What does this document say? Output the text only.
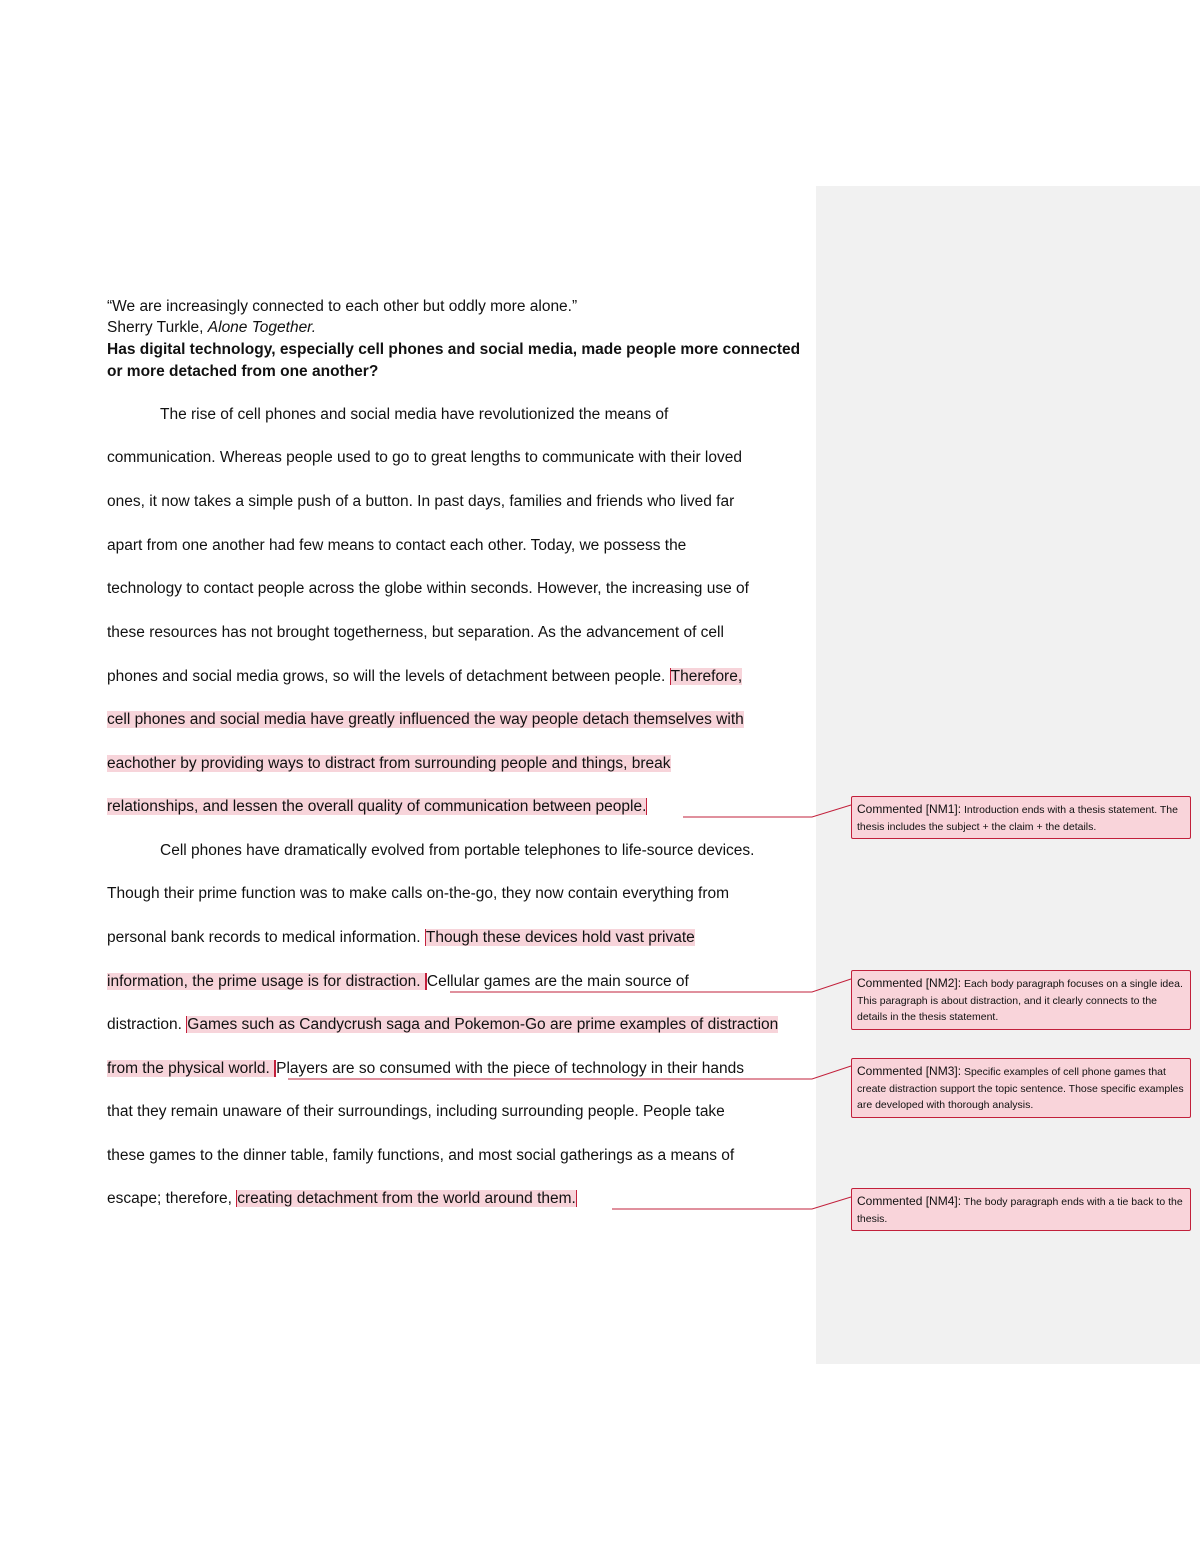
“We are increasingly connected to each other but oddly more alone.”
Sherry Turkle, Alone Together.
Has digital technology, especially cell phones and social media, made people more connected or more detached from one another?
The rise of cell phones and social media have revolutionized the means of
communication. Whereas people used to go to great lengths to communicate with their loved
ones, it now takes a simple push of a button. In past days, families and friends who lived far
apart from one another had few means to contact each other. Today, we possess the
technology to contact people across the globe within seconds. However, the increasing use of
these resources has not brought togetherness, but separation. As the advancement of cell
phones and social media grows, so will the levels of detachment between people. Therefore,
cell phones and social media have greatly influenced the way people detach themselves with
eachother by providing ways to distract from surrounding people and things, break
relationships, and lessen the overall quality of communication between people.
Cell phones have dramatically evolved from portable telephones to life-source devices.
Though their prime function was to make calls on-the-go, they now contain everything from
personal bank records to medical information. Though these devices hold vast private
information, the prime usage is for distraction. Cellular games are the main source of
distraction. Games such as Candycrush saga and Pokemon-Go are prime examples of distraction
from the physical world. Players are so consumed with the piece of technology in their hands
that they remain unaware of their surroundings, including surrounding people. People take
these games to the dinner table, family functions, and most social gatherings as a means of
escape; therefore, creating detachment from the world around them.
Commented [NM1]: Introduction ends with a thesis statement. The thesis includes the subject + the claim + the details.
Commented [NM2]: Each body paragraph focuses on a single idea. This paragraph is about distraction, and it clearly connects to the details in the thesis statement.
Commented [NM3]: Specific examples of cell phone games that create distraction support the topic sentence. Those specific examples are developed with thorough analysis.
Commented [NM4]: The body paragraph ends with a tie back to the thesis.
